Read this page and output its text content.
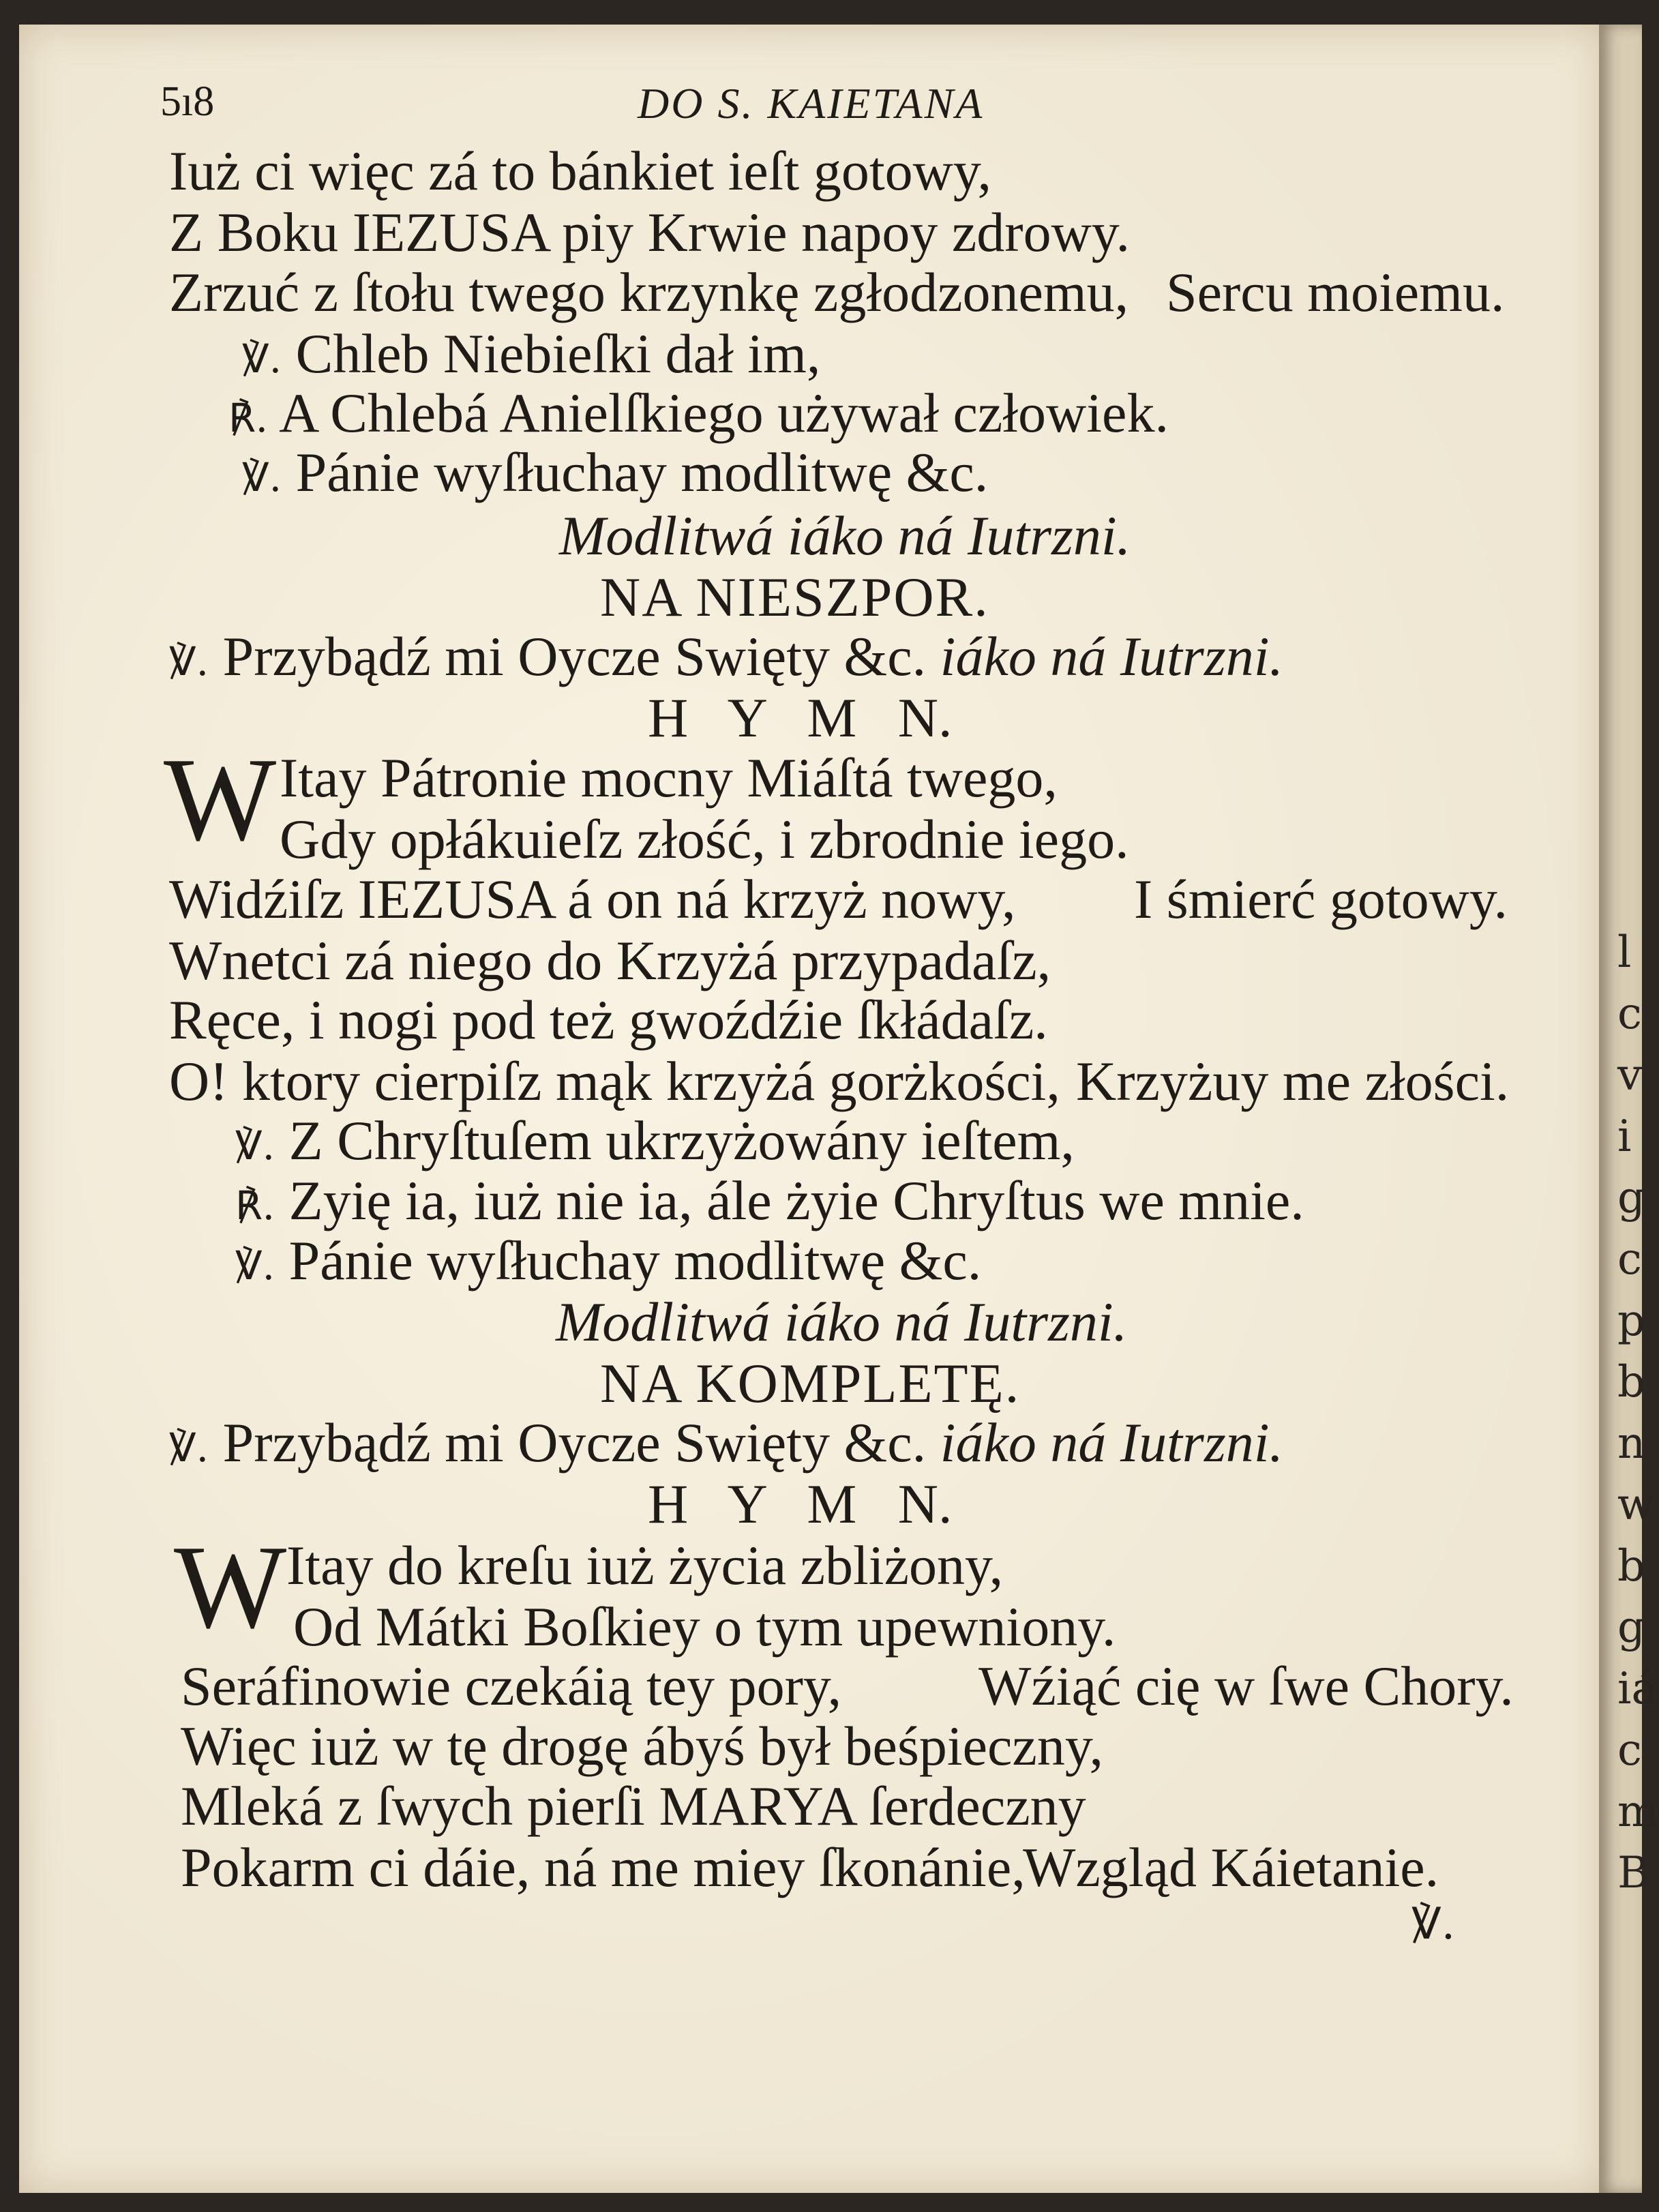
5ı8	DO S. KAIETANA
Iuż ci więc zá to bánkiet ieſt gotowy,
Z Boku IEZUSA piy Krwie napoy zdrowy.
Zrzuć z ſtołu twego krzynkę zgłodzonemu, Sercu moiemu.
℣. Chleb Niebieſki dał im,
℟. A Chlebá Anielſkiego używał człowiek.
℣. Pánie wyſłuchay modlitwę &c.
Modlitwá iáko ná Iutrzni.
NA NIESZPOR.
℣. Przybądź mi Oycze Swięty &c. iáko ná Iutrzni.
H Y M N.
W Itay Pátronie mocny Miáſtá twego,
Gdy opłákuieſz złość, i zbrodnie iego.
Widźiſz IEZUSA á on ná krzyż nowy, I śmierć gotowy.
Wnetci zá niego do Krzyżá przypadaſz,
Ręce, i nogi pod też gwoźdźie ſkłádaſz.
O! ktory cierpiſz mąk krzyżá gorżkości, Krzyżuy me złości.
℣. Z Chryſtuſem ukrzyżowány ieſtem,
℟. Zyię ia, iuż nie ia, ále żyie Chryſtus we mnie.
℣. Pánie wyſłuchay modlitwę &c.
Modlitwá iáko ná Iutrzni.
NA KOMPLETĘ.
℣. Przybądź mi Oycze Swięty &c. iáko ná Iutrzni.
H Y M N.
W Itay do kreſu iuż życia zbliżony,
Od Mátki Boſkiey o tym upewniony.
Seráfinowie czekáią tey pory, Wźiąć cię w ſwe Chory.
Więc iuż w tę drogę ábyś był beśpieczny,
Mleká z ſwych pierſi MARYA ſerdeczny
Pokarm ci dáie, ná me miey ſkonánie,
Wzgląd Káietanie.
℣.
l
c
v
i
g
c
p
b
n
w
b
g
iá
c
m
B
